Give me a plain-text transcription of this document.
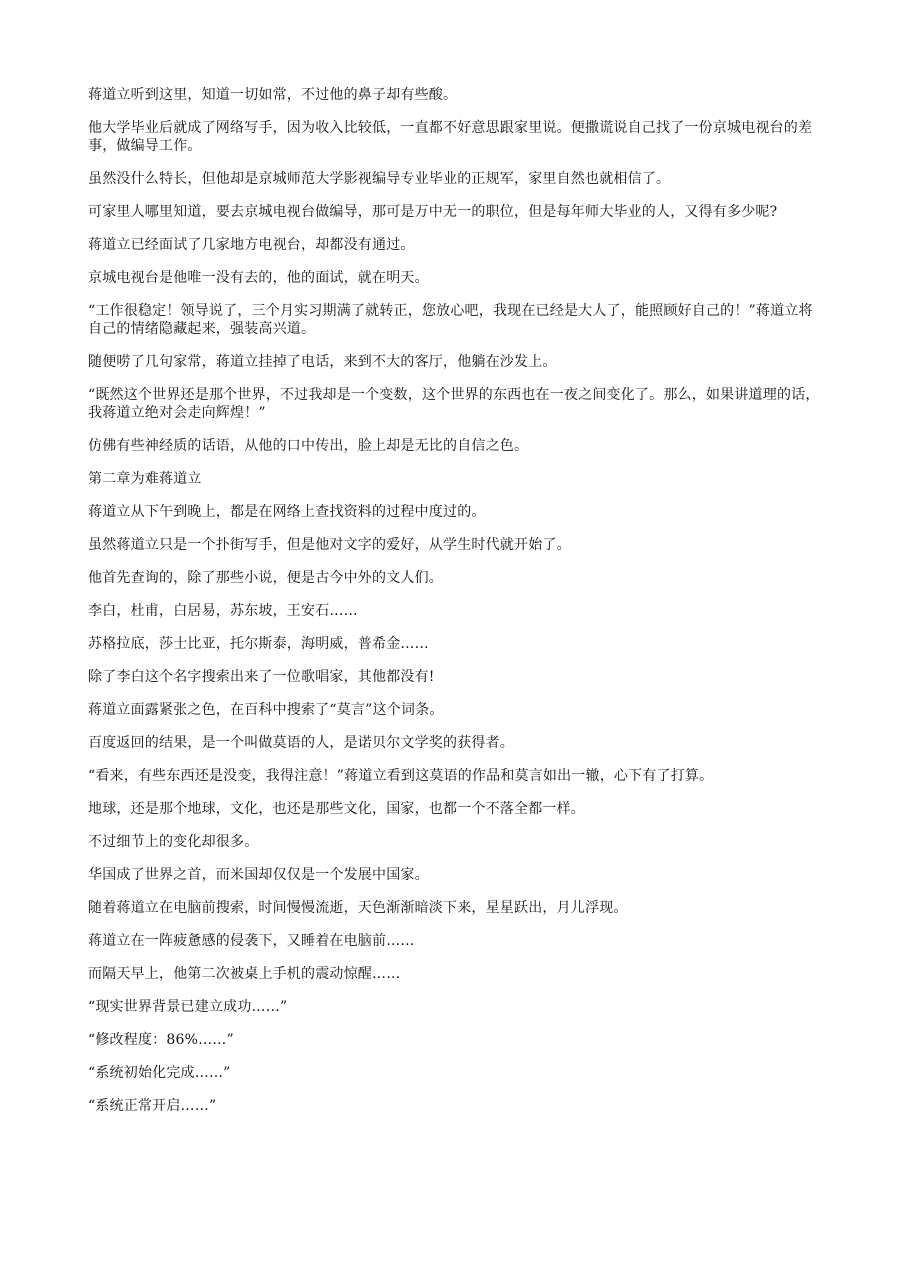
蒋道立听到这里，知道一切如常，不过他的鼻子却有些酸。

他大学毕业后就成了网络写手，因为收入比较低，一直都不好意思跟家里说。便撒谎说自己找了一份京城电视台的差事，做编导工作。

虽然没什么特长，但他却是京城师范大学影视编导专业毕业的正规军，家里自然也就相信了。

可家里人哪里知道，要去京城电视台做编导，那可是万中无一的职位，但是每年师大毕业的人，又得有多少呢?

蒋道立已经面试了几家地方电视台，却都没有通过。

京城电视台是他唯一没有去的，他的面试，就在明天。

“工作很稳定！领导说了，三个月实习期满了就转正，您放心吧，我现在已经是大人了，能照顾好自己的！”蒋道立将自己的情绪隐藏起来，强装高兴道。

随便唠了几句家常，蒋道立挂掉了电话，来到不大的客厅，他躺在沙发上。

“既然这个世界还是那个世界，不过我却是一个变数，这个世界的东西也在一夜之间变化了。那么，如果讲道理的话，我蒋道立绝对会走向辉煌！”

仿佛有些神经质的话语，从他的口中传出，脸上却是无比的自信之色。

第二章为难蒋道立

蒋道立从下午到晚上，都是在网络上查找资料的过程中度过的。

虽然蒋道立只是一个扑街写手，但是他对文字的爱好，从学生时代就开始了。

他首先查询的，除了那些小说，便是古今中外的文人们。

李白，杜甫，白居易，苏东坡，王安石……

苏格拉底，莎士比亚，托尔斯泰，海明威，普希金……

除了李白这个名字搜索出来了一位歌唱家，其他都没有!

蒋道立面露紧张之色，在百科中搜索了“莫言”这个词条。

百度返回的结果，是一个叫做莫语的人，是诺贝尔文学奖的获得者。

“看来，有些东西还是没变，我得注意！”蒋道立看到这莫语的作品和莫言如出一辙，心下有了打算。

地球，还是那个地球，文化，也还是那些文化，国家，也都一个不落全都一样。

不过细节上的变化却很多。

华国成了世界之首，而米国却仅仅是一个发展中国家。

随着蒋道立在电脑前搜索，时间慢慢流逝，天色渐渐暗淡下来，星星跃出，月儿浮现。

蒋道立在一阵疲惫感的侵袭下，又睡着在电脑前……

而隔天早上，他第二次被桌上手机的震动惊醒……

“现实世界背景已建立成功……”

“修改程度：86%……”

“系统初始化完成……”

“系统正常开启……”
